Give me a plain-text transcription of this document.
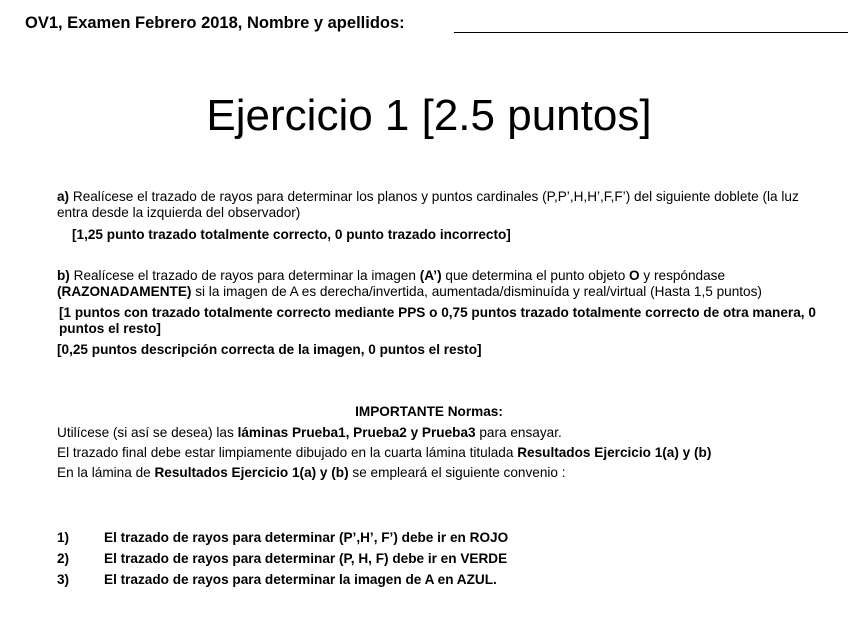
OV1, Examen Febrero 2018, Nombre y apellidos:
Ejercicio 1 [2.5 puntos]
a) Realícese el trazado de rayos para determinar los planos y puntos cardinales (P,P’,H,H’,F,F’) del siguiente doblete (la luz entra desde la izquierda del observador)
[1,25 punto trazado totalmente correcto, 0 punto trazado incorrecto]
b) Realícese el trazado de rayos para determinar la imagen (A’) que determina el punto objeto O y respóndase (RAZONADAMENTE) si la imagen de A es derecha/invertida, aumentada/disminuída y real/virtual (Hasta 1,5 puntos)
[1 puntos con trazado totalmente correcto mediante PPS o 0,75 puntos trazado totalmente correcto de otra manera, 0 puntos el resto]
[0,25 puntos descripción correcta de la imagen, 0 puntos el resto]
IMPORTANTE Normas:

Utilícese (si así se desea) las láminas Prueba1, Prueba2 y Prueba3 para ensayar.

El trazado final debe estar limpiamente dibujado en la cuarta lámina titulada Resultados Ejercicio 1(a) y (b)

En la lámina de Resultados Ejercicio 1(a) y (b) se empleará el siguiente convenio :

1)	El trazado de rayos para determinar (P’,H’, F’) debe ir en ROJO
2)	El trazado de rayos para determinar (P, H, F) debe ir en VERDE
3)	El trazado de rayos para determinar la imagen de A en AZUL.
